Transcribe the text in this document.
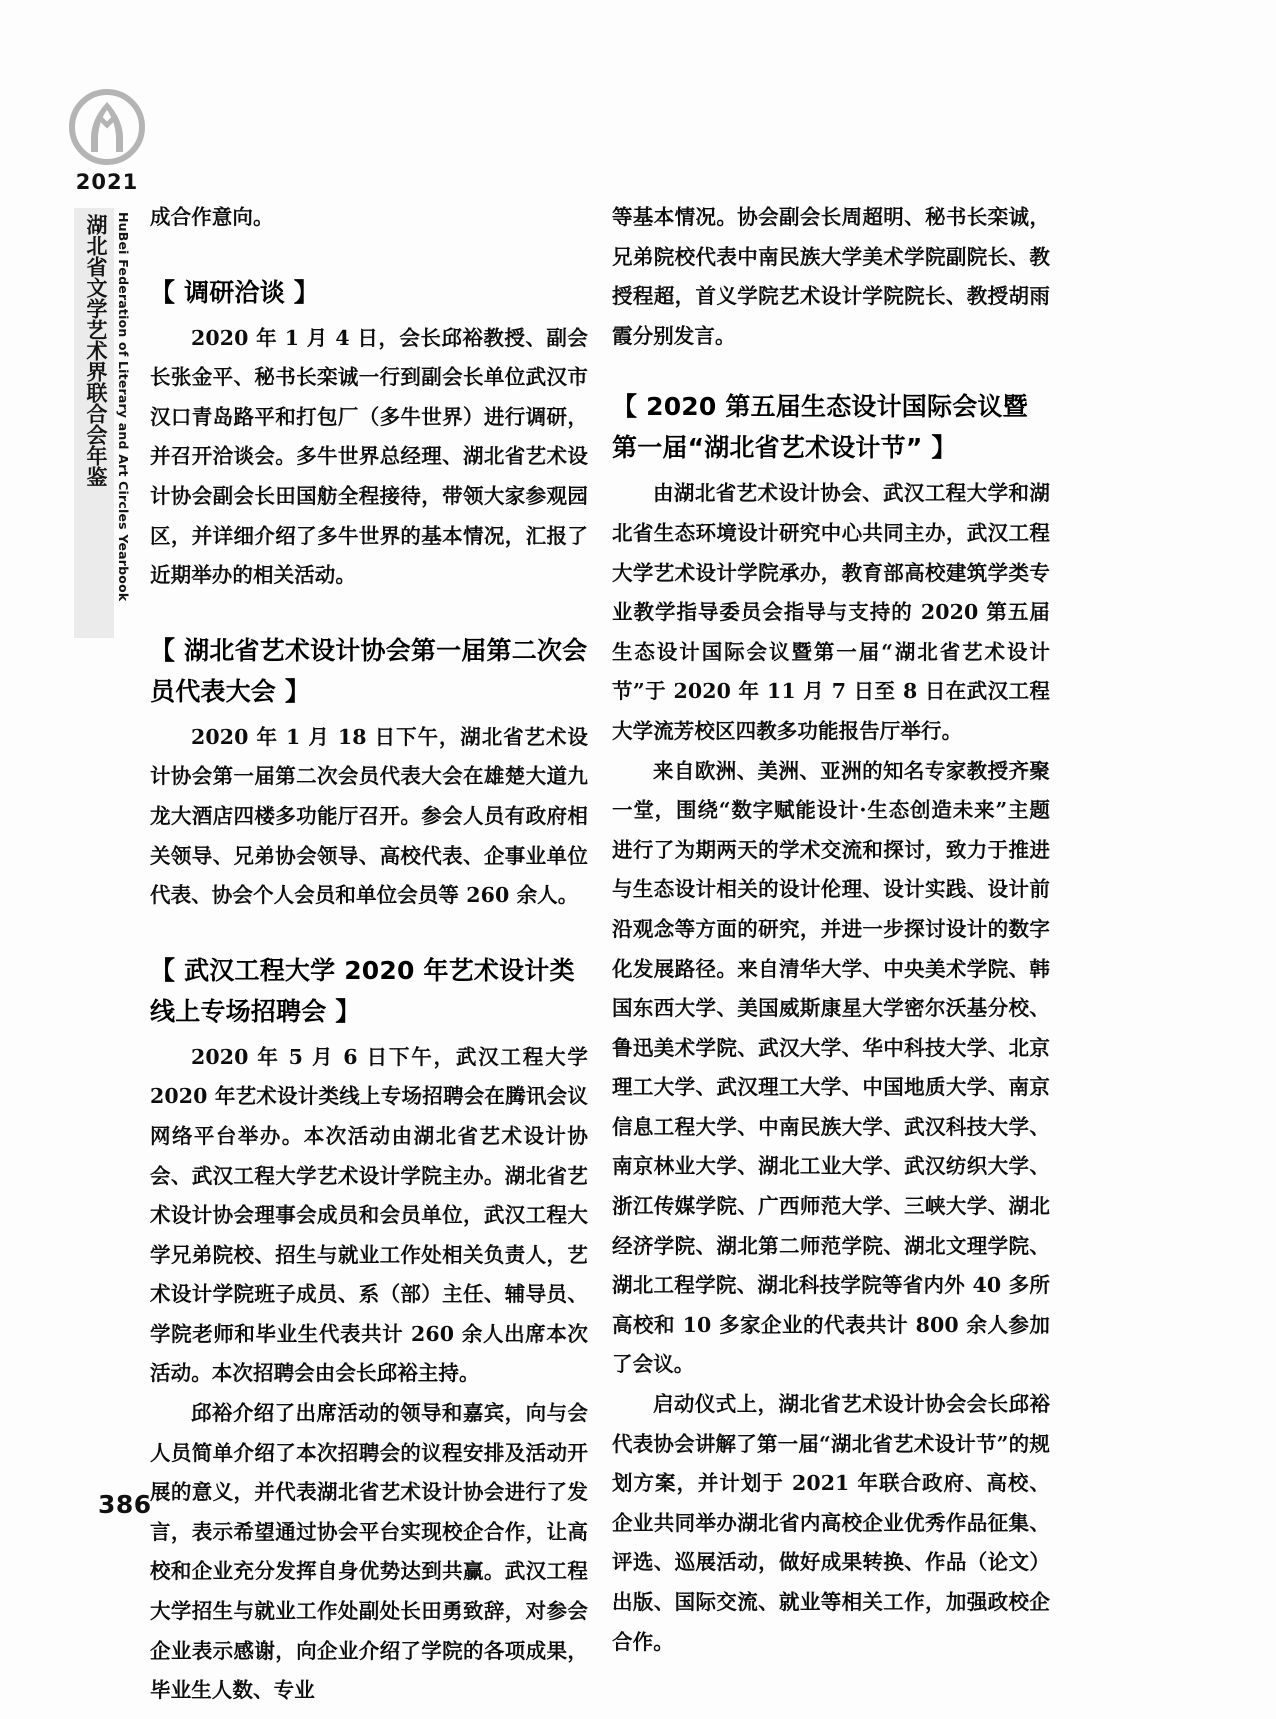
2021
湖北省文学艺术界联合会年鉴 HuBei Federation of Literary and Art Circles Yearbook 成合作意向。

【 调研洽谈 】

2020 年 1 月 4 日，会长邱裕教授、副会长张金平、秘书长栾诚一行到副会长单位武汉市汉口青岛路平和打包厂（多牛世界）进行调研，并召开洽谈会。多牛世界总经理、湖北省艺术设计协会副会长田国舫全程接待，带领大家参观园区，并详细介绍了多牛世界的基本情况，汇报了近期举办的相关活动。

【 湖北省艺术设计协会第一届第二次会员代表大会 】

2020 年 1 月 18 日下午，湖北省艺术设计协会第一届第二次会员代表大会在雄楚大道九龙大酒店四楼多功能厅召开。参会人员有政府相关领导、兄弟协会领导、高校代表、企事业单位代表、协会个人会员和单位会员等 260 余人。

【 武汉工程大学 2020 年艺术设计类线上专场招聘会 】

2020 年 5 月 6 日下午，武汉工程大学 2020 年艺术设计类线上专场招聘会在腾讯会议网络平台举办。本次活动由湖北省艺术设计协会、武汉工程大学艺术设计学院主办。湖北省艺术设计协会理事会成员和会员单位，武汉工程大学兄弟院校、招生与就业工作处相关负责人，艺术设计学院班子成员、系（部）主任、辅导员、学院老师和毕业生代表共计 260 余人出席本次活动。本次招聘会由会长邱裕主持。

邱裕介绍了出席活动的领导和嘉宾，向与会人员简单介绍了本次招聘会的议程安排及活动开展的意义，并代表湖北省艺术设计协会进行了发言，表示希望通过协会平台实现校企合作，让高校和企业充分发挥自身优势达到共赢。武汉工程大学招生与就业工作处副处长田勇致辞，对参会企业表示感谢，向企业介绍了学院的各项成果，毕业生人数、专业

等基本情况。协会副会长周超明、秘书长栾诚，兄弟院校代表中南民族大学美术学院副院长、教授程超，首义学院艺术设计学院院长、教授胡雨霞分别发言。

【 2020 第五届生态设计国际会议暨第一届“湖北省艺术设计节” 】

由湖北省艺术设计协会、武汉工程大学和湖北省生态环境设计研究中心共同主办，武汉工程大学艺术设计学院承办，教育部高校建筑学类专业教学指导委员会指导与支持的 2020 第五届生态设计国际会议暨第一届“湖北省艺术设计节”于 2020 年 11 月 7 日至 8 日在武汉工程大学流芳校区四教多功能报告厅举行。

来自欧洲、美洲、亚洲的知名专家教授齐聚一堂，围绕“数字赋能设计·生态创造未来”主题进行了为期两天的学术交流和探讨，致力于推进与生态设计相关的设计伦理、设计实践、设计前沿观念等方面的研究，并进一步探讨设计的数字化发展路径。来自清华大学、中央美术学院、韩国东西大学、美国威斯康星大学密尔沃基分校、鲁迅美术学院、武汉大学、华中科技大学、北京理工大学、武汉理工大学、中国地质大学、南京信息工程大学、中南民族大学、武汉科技大学、南京林业大学、湖北工业大学、武汉纺织大学、浙江传媒学院、广西师范大学、三峡大学、湖北经济学院、湖北第二师范学院、湖北文理学院、湖北工程学院、湖北科技学院等省内外 40 多所高校和 10 多家企业的代表共计 800 余人参加了会议。

启动仪式上，湖北省艺术设计协会会长邱裕代表协会讲解了第一届“湖北省艺术设计节”的规划方案，并计划于 2021 年联合政府、高校、企业共同举办湖北省内高校企业优秀作品征集、评选、巡展活动，做好成果转换、作品（论文）出版、国际交流、就业等相关工作，加强政校企合作。

386
